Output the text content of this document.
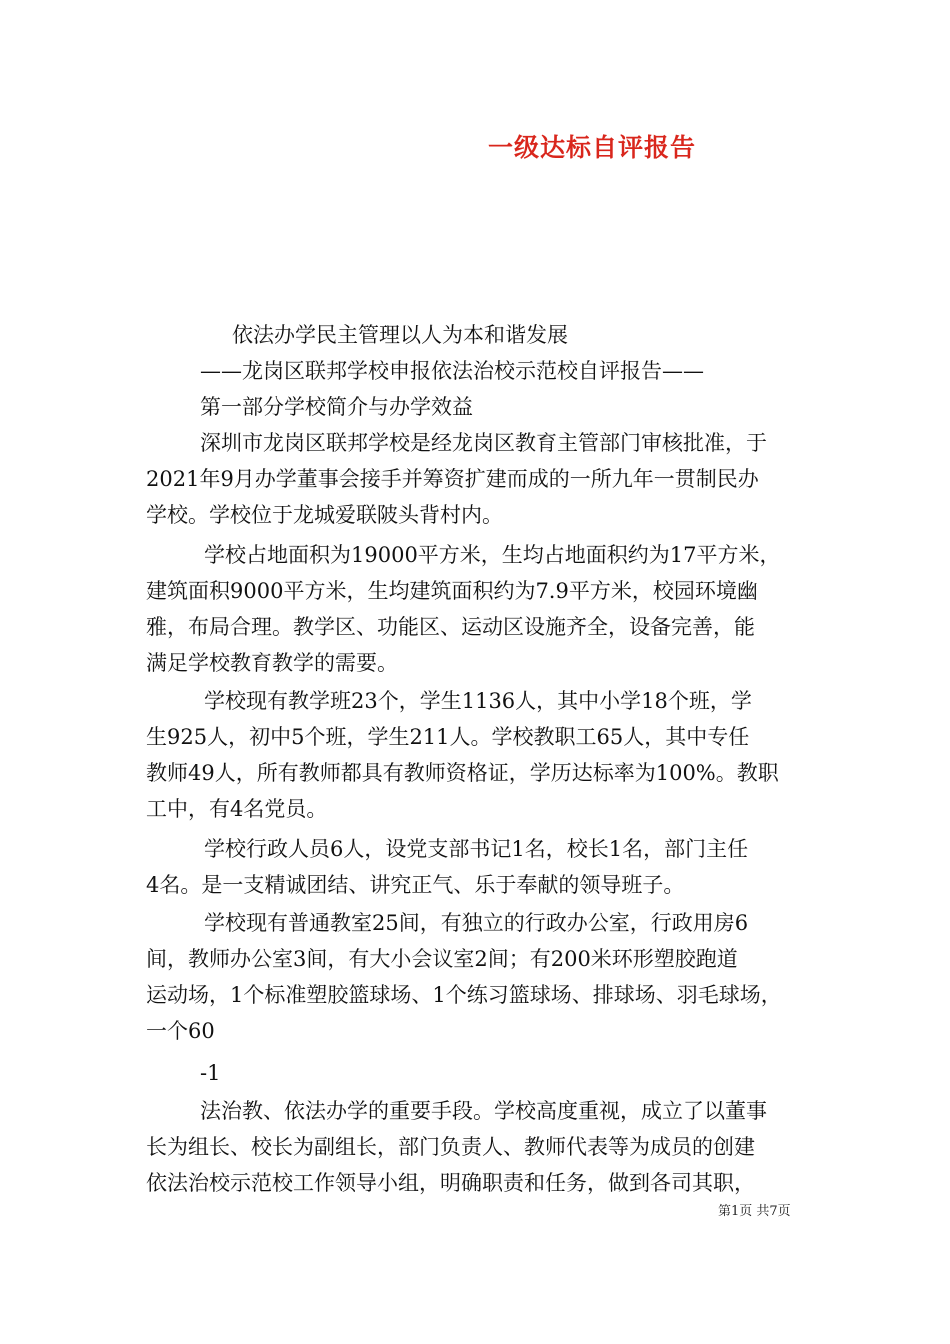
一级达标自评报告
依法办学民主管理以人为本和谐发展
——龙岗区联邦学校申报依法治校示范校自评报告——
第一部分学校简介与办学效益
深圳市龙岗区联邦学校是经龙岗区教育主管部门审核批准，于
2021年9月办学董事会接手并筹资扩建而成的一所九年一贯制民办
学校。学校位于龙城爱联陂头背村内。
学校占地面积为19000平方米，生均占地面积约为17平方米，
建筑面积9000平方米，生均建筑面积约为7.9平方米，校园环境幽
雅，布局合理。教学区、功能区、运动区设施齐全，设备完善，能
满足学校教育教学的需要。
学校现有教学班23个，学生1136人，其中小学18个班，学
生925人，初中5个班，学生211人。学校教职工65人，其中专任
教师49人，所有教师都具有教师资格证，学历达标率为100%。教职
工中，有4名党员。
学校行政人员6人，设党支部书记1名，校长1名，部门主任
4名。是一支精诚团结、讲究正气、乐于奉献的领导班子。
学校现有普通教室25间，有独立的行政办公室，行政用房6
间，教师办公室3间，有大小会议室2间；有200米环形塑胶跑道
运动场，1个标准塑胶篮球场、1个练习篮球场、排球场、羽毛球场，
一个60
-1
法治教、依法办学的重要手段。学校高度重视，成立了以董事
长为组长、校长为副组长，部门负责人、教师代表等为成员的创建
依法治校示范校工作领导小组，明确职责和任务，做到各司其职，
第1页 共7页
